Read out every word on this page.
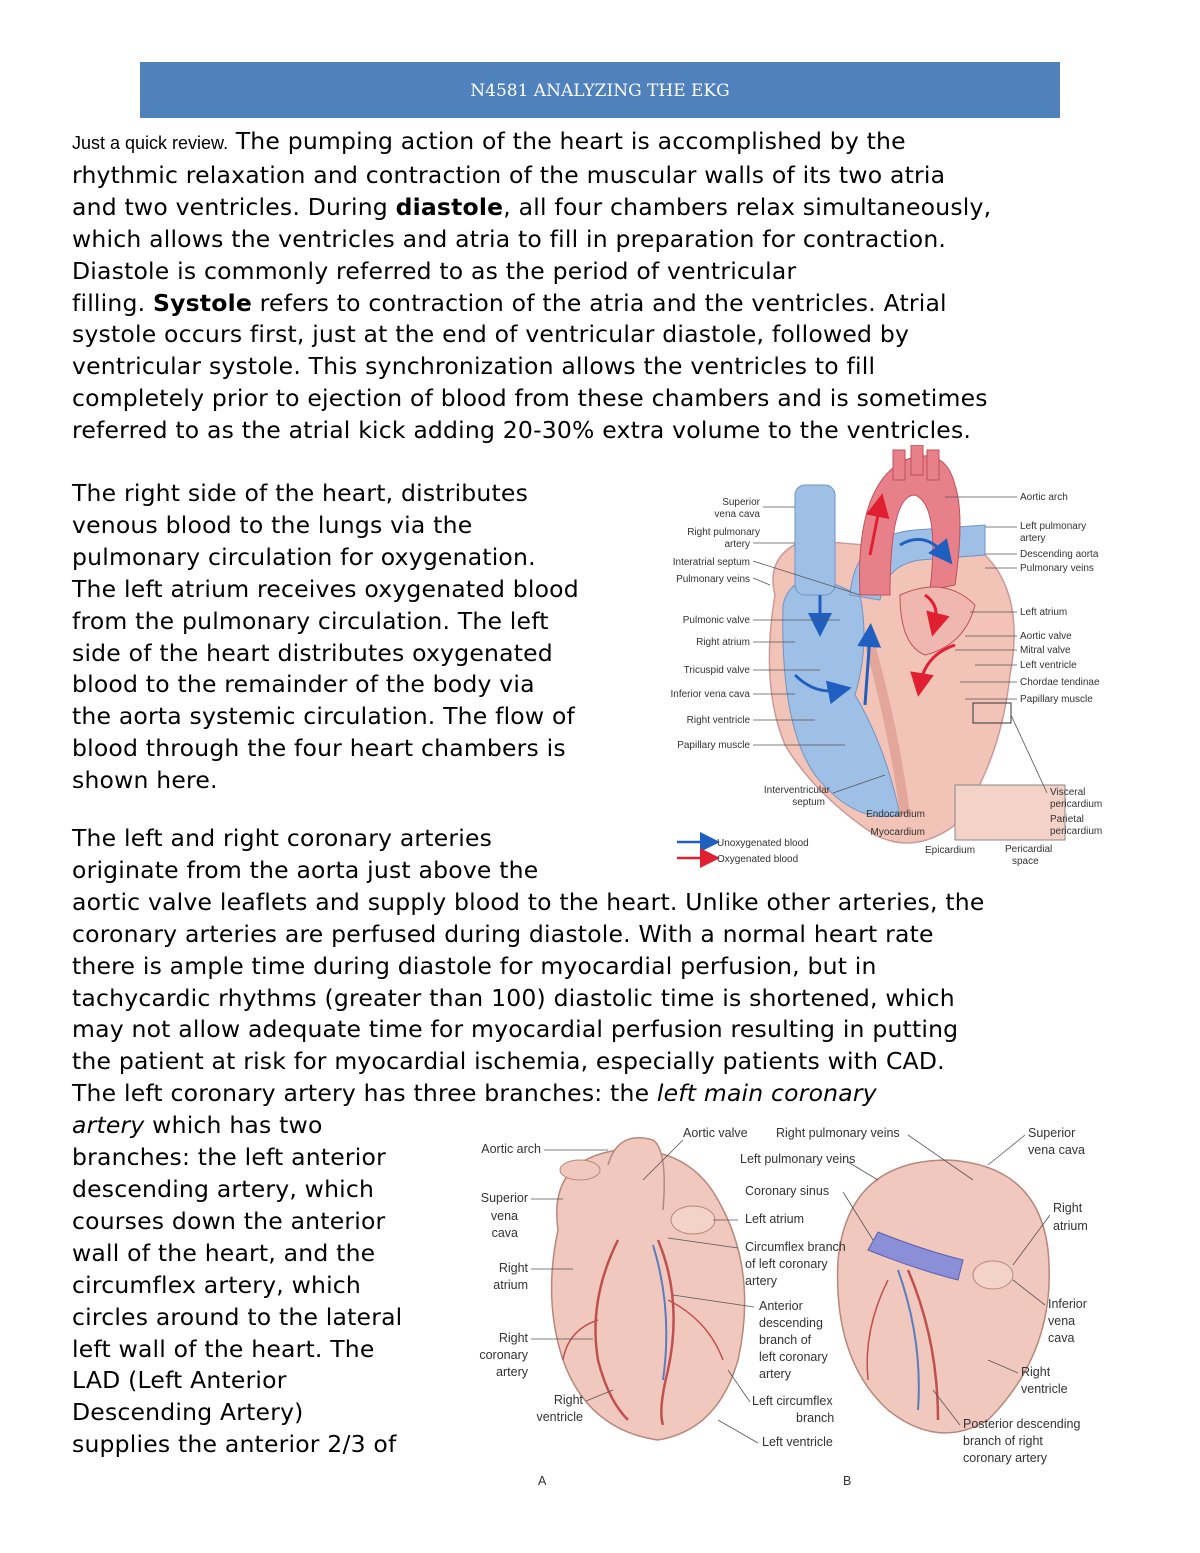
N4581 ANALYZING THE EKG
Just a quick review. The pumping action of the heart is accomplished by the
rhythmic relaxation and contraction of the muscular walls of its two atria
and two ventricles. During diastole, all four chambers relax simultaneously,
which allows the ventricles and atria to fill in preparation for contraction.
Diastole is commonly referred to as the period of ventricular
filling. Systole refers to contraction of the atria and the ventricles. Atrial
systole occurs first, just at the end of ventricular diastole, followed by
ventricular systole. This synchronization allows the ventricles to fill
completely prior to ejection of blood from these chambers and is sometimes
referred to as the atrial kick adding 20-30% extra volume to the ventricles.
The right side of the heart, distributes
venous blood to the lungs via the
pulmonary circulation for oxygenation.
The left atrium receives oxygenated blood
from the pulmonary circulation. The left
side of the heart distributes oxygenated
blood to the remainder of the body via
the aorta systemic circulation. The flow of
blood through the four heart chambers is
shown here.
The left and right coronary arteries
originate from the aorta just above the
aortic valve leaflets and supply blood to the heart. Unlike other arteries, the
coronary arteries are perfused during diastole. With a normal heart rate
there is ample time during diastole for myocardial perfusion, but in
tachycardic rhythms (greater than 100) diastolic time is shortened, which
may not allow adequate time for myocardial perfusion resulting in putting
the patient at risk for myocardial ischemia, especially patients with CAD.
The left coronary artery has three branches: the left main coronary
artery which has two
branches: the left anterior
descending artery, which
courses down the anterior
wall of the heart, and the
circumflex artery, which
circles around to the lateral
left wall of the heart. The
LAD (Left Anterior
Descending Artery)
supplies the anterior 2/3 of
Superior
vena cava
Right pulmonary
artery
Interatrial septum
Pulmonary veins
Pulmonic valve
Right atrium
Tricuspid valve
Inferior vena cava
Right ventricle
Papillary muscle
Interventricular
septum
Aortic arch
Left pulmonary
artery
Descending aorta
Pulmonary veins
Left atrium
Aortic valve
Mitral valve
Left ventricle
Chordae tendinae
Papillary muscle
Visceral
pericardium
Parietal
pericardium
Pericardial
space
Endocardium
Myocardium
Epicardium
Unoxygenated blood
Oxygenated blood
Aortic arch
Superior
vena
cava
Right
atrium
Right
coronary
artery
Right
ventricle
Aortic valve Right pulmonary veins
Left pulmonary veins
Coronary sinus
Left atrium
Circumflex branch
of left coronary
artery
Anterior
descending
branch of
left coronary
artery
Left circumflex
branch
Left ventricle
Superior
vena cava
Right
atrium
Inferior
vena
cava
Right
ventricle
Posterior descending
branch of right
coronary artery
A	B
